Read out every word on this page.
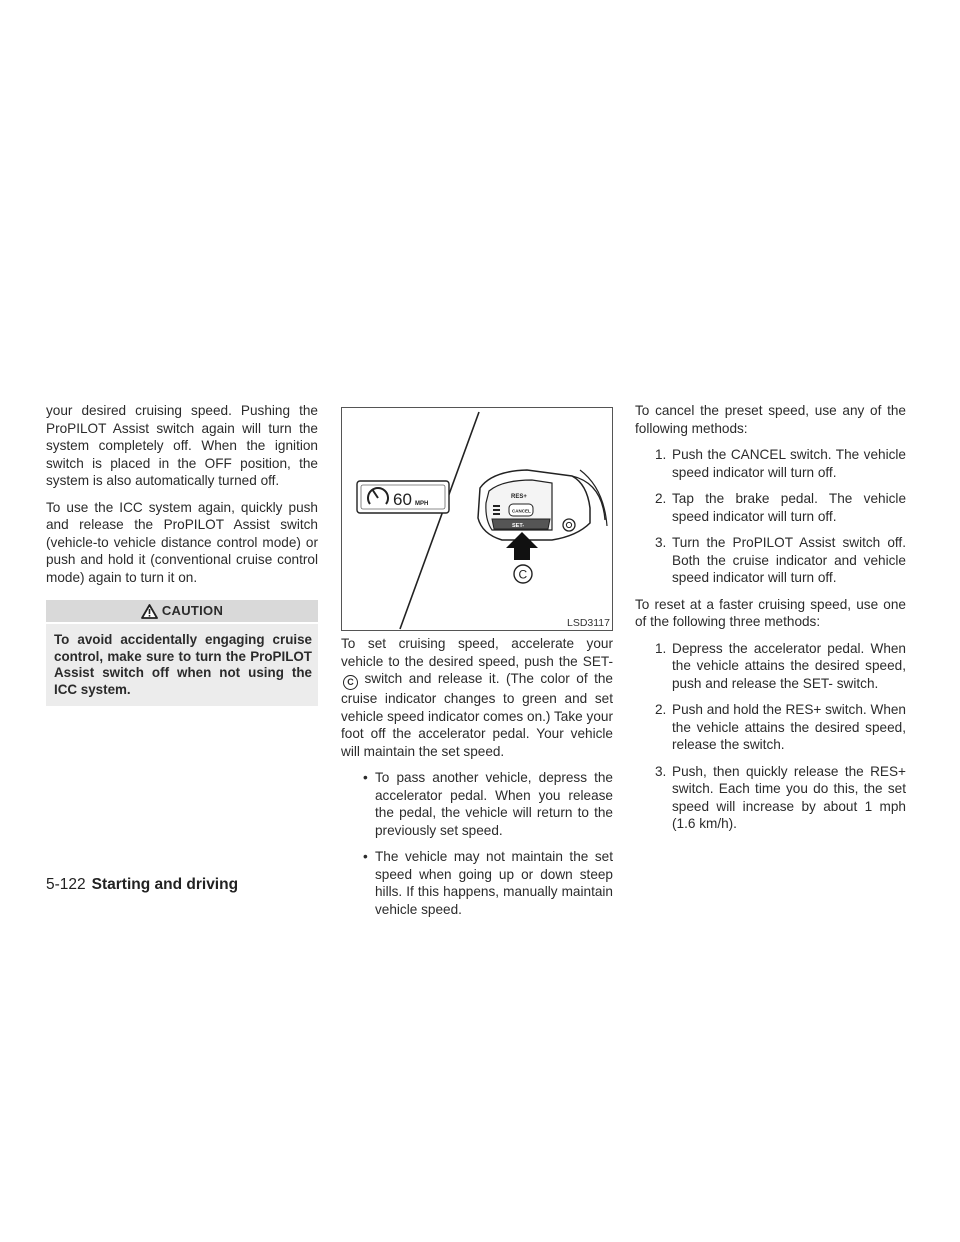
your desired cruising speed. Pushing the ProPILOT Assist switch again will turn the system completely off. When the ignition switch is placed in the OFF position, the system is also automatically turned off.

To use the ICC system again, quickly push and release the ProPILOT Assist switch (vehicle-to vehicle distance control mode) or push and hold it (conventional cruise control mode) again to turn it on.

CAUTION
To avoid accidentally engaging cruise control, make sure to turn the ProPILOT Assist switch off when not using the ICC system.
60 MPH
RES+
CANCEL
SET-
C
LSD3117

To set cruising speed, accelerate your vehicle to the desired speed, push the SET-C switch and release it. (The color of the cruise indicator changes to green and set vehicle speed indicator comes on.) Take your foot off the accelerator pedal. Your vehicle will maintain the set speed.

• To pass another vehicle, depress the accelerator pedal. When you release the pedal, the vehicle will return to the previously set speed.
• The vehicle may not maintain the set speed when going up or down steep hills. If this happens, manually maintain vehicle speed.

To cancel the preset speed, use any of the following methods:

1. Push the CANCEL switch. The vehicle speed indicator will turn off.
2. Tap the brake pedal. The vehicle speed indicator will turn off.
3. Turn the ProPILOT Assist switch off. Both the cruise indicator and vehicle speed indicator will turn off.

To reset at a faster cruising speed, use one of the following three methods:

1. Depress the accelerator pedal. When the vehicle attains the desired speed, push and release the SET- switch.
2. Push and hold the RES+ switch. When the vehicle attains the desired speed, release the switch.
3. Push, then quickly release the RES+ switch. Each time you do this, the set speed will increase by about 1 mph (1.6 km/h).
5-122 Starting and driving
